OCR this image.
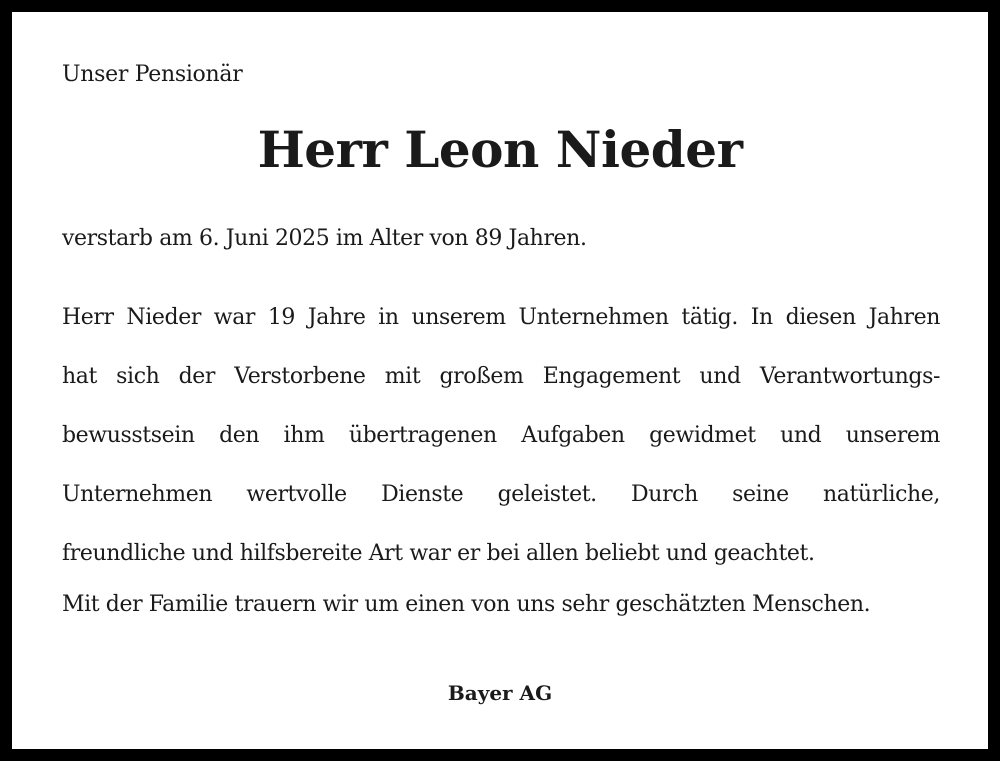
Unser Pensionär
Herr Leon Nieder
verstarb am 6. Juni 2025 im Alter von 89 Jahren.
Herr Nieder war 19 Jahre in unserem Unternehmen tätig. In diesen Jahren
hat sich der Verstorbene mit großem Engagement und Verantwortungs-
bewusstsein den ihm übertragenen Aufgaben gewidmet und unserem
Unternehmen wertvolle Dienste geleistet. Durch seine natürliche,
freundliche und hilfsbereite Art war er bei allen beliebt und geachtet.
Mit der Familie trauern wir um einen von uns sehr geschätzten Menschen.
Bayer AG
